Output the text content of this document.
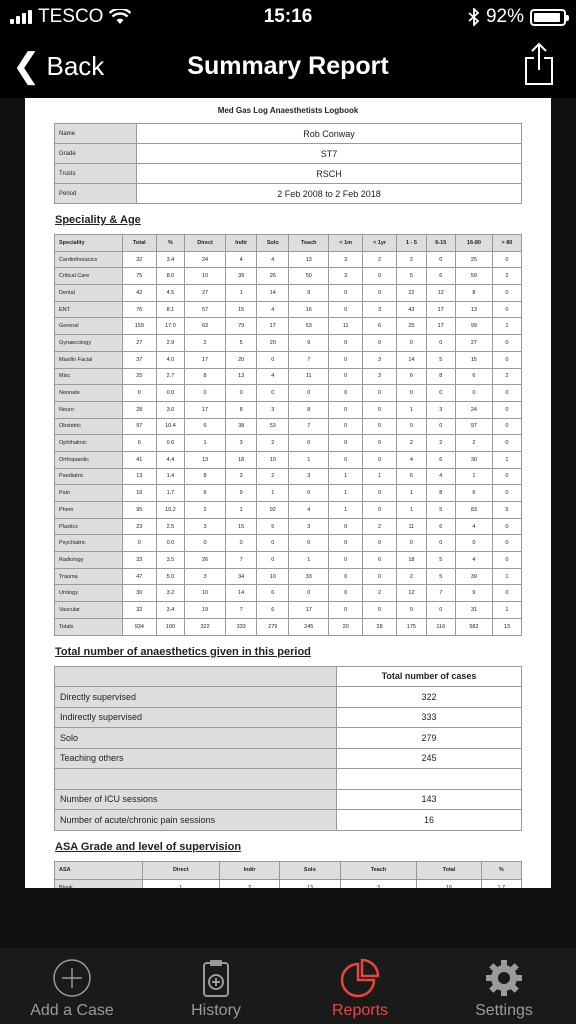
TESCO	15:16	92%
❮ Back	Summary Report
Med Gas Log Anaesthetists Logbook
Name	Rob Conway
Grade	ST7
Trusts	RSCH
Period	2 Feb 2008 to 2 Feb 2018
Speciality & Age
Speciality	Total	%	Direct	Indir	Solo	Teach	< 1m	< 1yr	1 - 5	6-15	16-80	> 80
Cardiothoracics	32	3.4	24	4	4	13	3	2	2	0	25	0
Critical Care	75	8.0	10	39	26	50	3	0	5	6	59	2
Dental	42	4.5	27	1	14	9	0	0	22	12	8	0
ENT	76	8.1	57	15	4	16	0	3	43	17	13	0
General	159	17.0	63	79	17	53	11	6	25	17	99	1
Gynaecology	27	2.9	2	5	20	9	0	0	0	0	27	0
Maxillo Facial	37	4.0	17	20	0	7	0	3	14	5	15	0
Misc	25	2.7	8	13	4	11	0	3	6	8	6	2
Neonate	0	0.0	0	0	0	0	0	0	0	0	0	0
Neuro	28	3.0	17	8	3	8	0	0	1	3	24	0
Obstetric	97	10.4	6	38	53	7	0	0	0	0	97	0
Ophthalmic	6	0.6	1	3	2	0	0	0	2	2	2	0
Orthopaedic	41	4.4	13	18	10	1	0	0	4	6	30	1
Paediatric	13	1.4	8	3	2	3	1	1	6	4	1	0
Pain	16	1.7	6	9	1	0	1	0	1	8	6	0
Phem	95	10.2	2	1	92	4	1	0	1	5	83	5
Plastics	23	2.5	3	15	5	3	0	2	11	6	4	0
Psychiatric	0	0.0	0	0	0	0	0	0	0	0	0	0
Radiology	33	3.5	26	7	0	1	0	6	18	5	4	0
Trauma	47	5.0	3	34	10	33	0	0	2	5	39	1
Urology	30	3.2	10	14	6	0	0	2	12	7	9	0
Vascular	32	3.4	19	7	6	17	0	0	0	0	31	1
Totals	934	100	322	333	279	245	20	28	175	116	582	13
Total number of anaesthetics given in this period
	Total number of cases
Directly supervised	322
Indirectly supervised	333
Solo	279
Teaching others	245

Number of ICU sessions	143
Number of acute/chronic pain sessions	16
ASA Grade and level of supervision
ASA	Direct	Indir	Solo	Teach	Total	%
Blank	1	2	13	3	16	1.7
Add a Case	History	Reports	Settings
